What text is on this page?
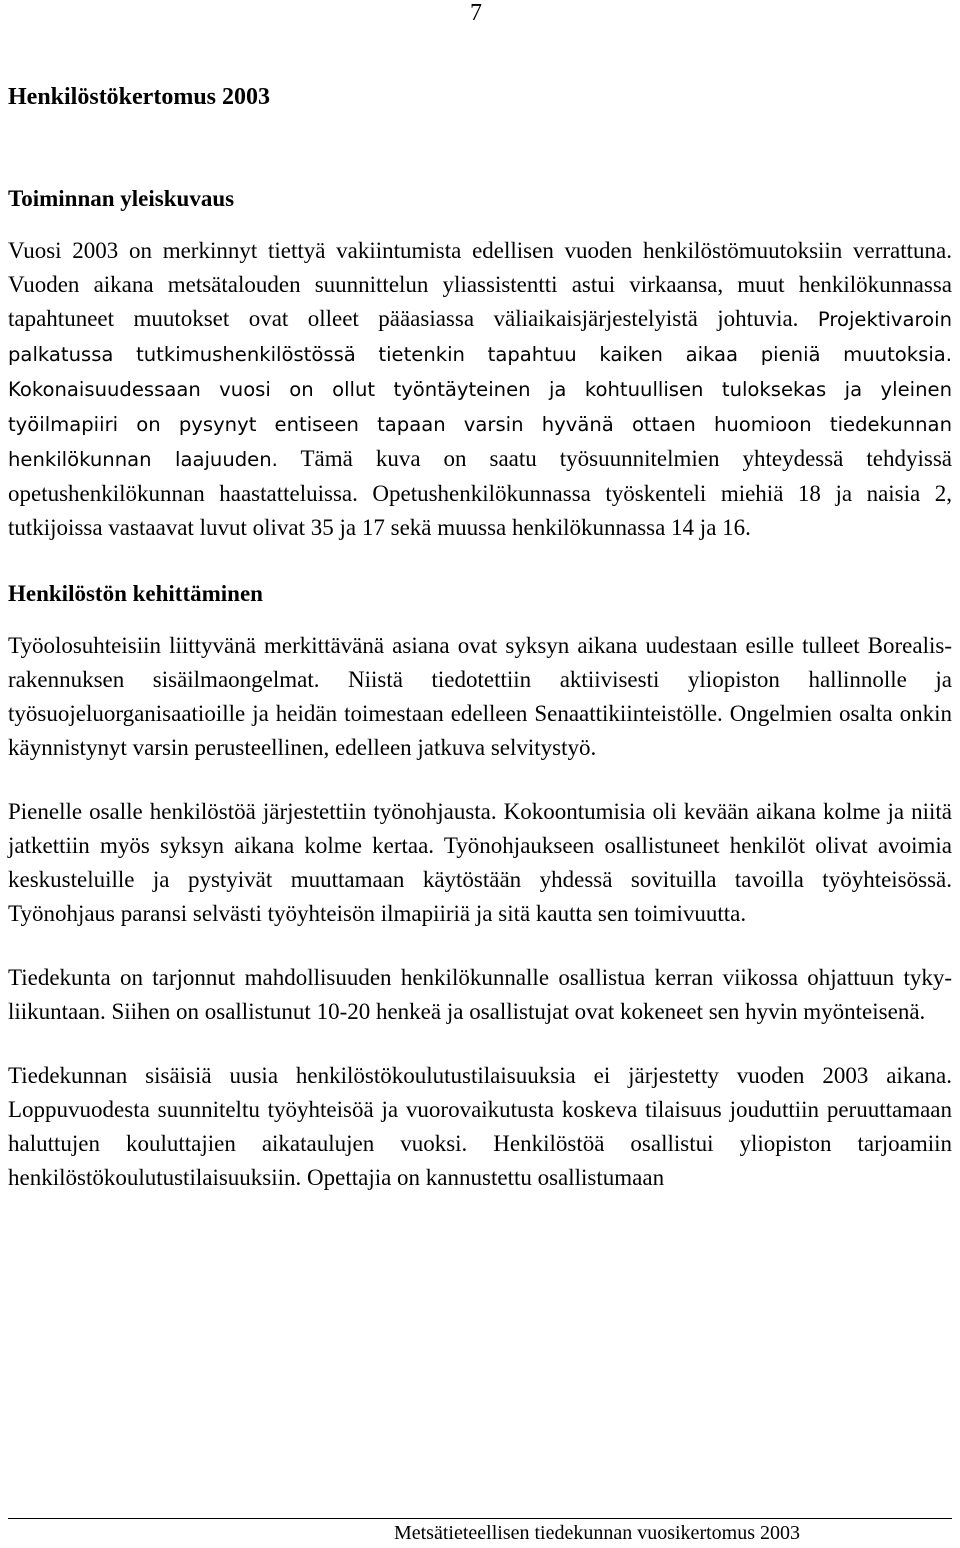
7
Henkilöstökertomus 2003
Toiminnan yleiskuvaus

Vuosi 2003 on merkinnyt tiettyä vakiintumista edellisen vuoden henkilöstömuutoksiin verrattuna. Vuoden aikana metsätalouden suunnittelun yliassistentti astui virkaansa, muut henkilökunnassa tapahtuneet muutokset ovat olleet pääasiassa väliaikaisjärjestelyistä johtuvia. Projektivaroin palkatussa tutkimushenkilöstössä tietenkin tapahtuu kaiken aikaa pieniä muutoksia. Kokonaisuudessaan vuosi on ollut työntäyteinen ja kohtuullisen tuloksekas ja yleinen työilmapiiri on pysynyt entiseen tapaan varsin hyvänä ottaen huomioon tiedekunnan henkilökunnan laajuuden. Tämä kuva on saatu työsuunnitelmien yhteydessä tehdyissä opetushenkilökunnan haastatteluissa. Opetushenkilökunnassa työskenteli miehiä 18 ja naisia 2, tutkijoissa vastaavat luvut olivat 35 ja 17 sekä muussa henkilökunnassa 14 ja 16.

Henkilöstön kehittäminen

Työolosuhteisiin liittyvänä merkittävänä asiana ovat syksyn aikana uudestaan esille tulleet Borealis-rakennuksen sisäilmaongelmat. Niistä tiedotettiin aktiivisesti yliopiston hallinnolle ja työsuojeluorganisaatioille ja heidän toimestaan edelleen Senaattikiinteistölle. Ongelmien osalta onkin käynnistynyt varsin perusteellinen, edelleen jatkuva selvitystyö.

Pienelle osalle henkilöstöä järjestettiin työnohjausta. Kokoontumisia oli kevään aikana kolme ja niitä jatkettiin myös syksyn aikana kolme kertaa. Työnohjaukseen osallistuneet henkilöt olivat avoimia keskusteluille ja pystyivät muuttamaan käytöstään yhdessä sovituilla tavoilla työyhteisössä. Työnohjaus paransi selvästi työyhteisön ilmapiiriä ja sitä kautta sen toimivuutta.

Tiedekunta on tarjonnut mahdollisuuden henkilökunnalle osallistua kerran viikossa ohjattuun tyky-liikuntaan. Siihen on osallistunut 10-20 henkeä ja osallistujat ovat kokeneet sen hyvin myönteisenä.

Tiedekunnan sisäisiä uusia henkilöstökoulutustilaisuuksia ei järjestetty vuoden 2003 aikana. Loppuvuodesta suunniteltu työyhteisöä ja vuorovaikutusta koskeva tilaisuus jouduttiin peruuttamaan haluttujen kouluttajien aikataulujen vuoksi. Henkilöstöä osallistui yliopiston tarjoamiin henkilöstökoulutustilaisuuksiin. Opettajia on kannustettu osallistumaan

Metsätieteellisen tiedekunnan vuosikertomus 2003
